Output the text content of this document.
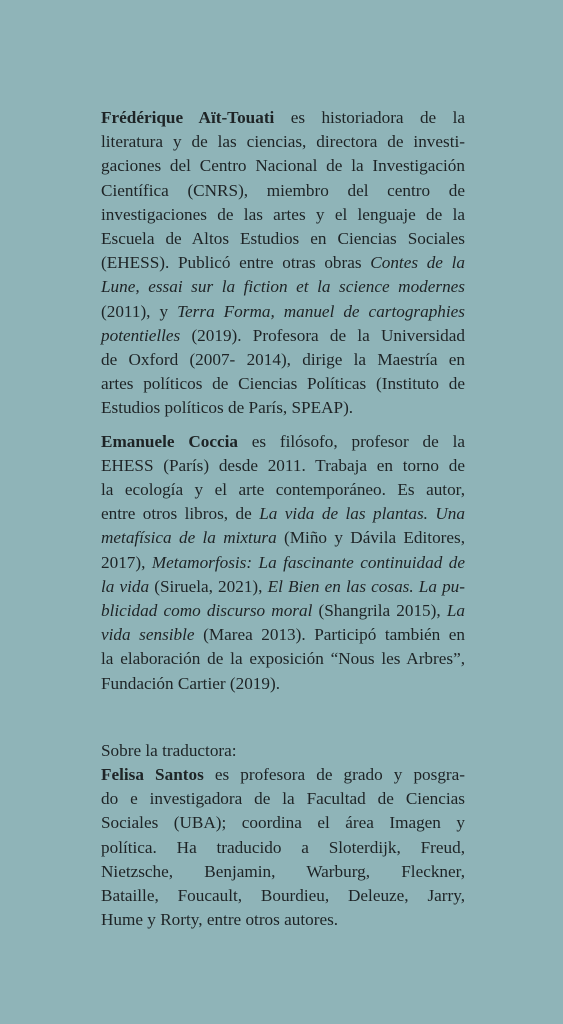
Frédérique Aït-Touati es historiadora de la
literatura y de las ciencias, directora de investi-
gaciones del Centro Nacional de la Investigación
Científica (CNRS), miembro del centro de
investigaciones de las artes y el lenguaje de la
Escuela de Altos Estudios en Ciencias Sociales
(EHESS). Publicó entre otras obras Contes de la
Lune, essai sur la fiction et la science modernes
(2011), y Terra Forma, manuel de cartographies
potentielles (2019). Profesora de la Universidad
de Oxford (2007- 2014), dirige la Maestría en
artes políticos de Ciencias Políticas (Instituto de
Estudios políticos de París, SPEAP).

Emanuele Coccia es filósofo, profesor de la
EHESS (París) desde 2011. Trabaja en torno de
la ecología y el arte contemporáneo. Es autor,
entre otros libros, de La vida de las plantas. Una
metafísica de la mixtura (Miño y Dávila Editores,
2017), Metamorfosis: La fascinante continuidad de
la vida (Siruela, 2021), El Bien en las cosas. La pu-
blicidad como discurso moral (Shangrila 2015), La
vida sensible (Marea 2013). Participó también en
la elaboración de la exposición “Nous les Arbres”,
Fundación Cartier (2019).

Sobre la traductora:
Felisa Santos es profesora de grado y posgra-
do e investigadora de la Facultad de Ciencias
Sociales (UBA); coordina el área Imagen y
política. Ha traducido a Sloterdijk, Freud,
Nietzsche, Benjamin, Warburg, Fleckner,
Bataille, Foucault, Bourdieu, Deleuze, Jarry,
Hume y Rorty, entre otros autores.
